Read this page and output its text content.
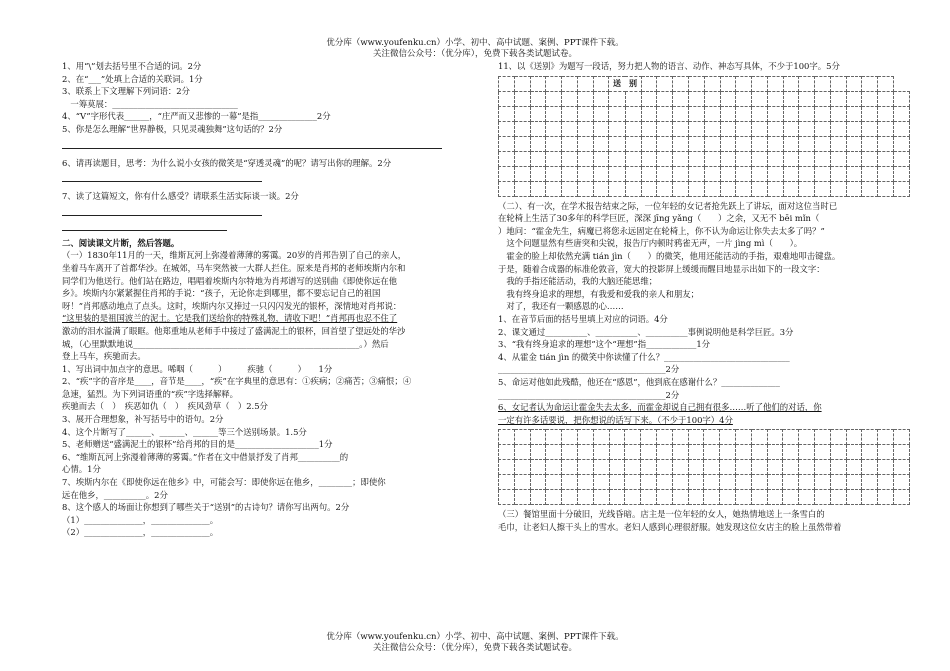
优分库（www.youfenku.cn）小学、初中、高中试题、案例、PPT课件下载。
关注微信公众号：（优分库），免费下载各类试题试卷。

1、用“\”划去括号里不合适的词。2分

2、在“___”处填上合适的关联词。1分

3、联系上下文理解下列词语：2分

　一筹莫展：______________________________

4、“V”字形代表______，“庄严而又悲惨的一幕”是指______________2分

5、你是怎么理解“世界静极，只见灵魂独舞”这句话的？2分

6、请再读题目，思考：为什么说小女孩的微笑是“穿透灵魂”的呢？请写出你的理解。2分

7、读了这篇短文，你有什么感受？请联系生活实际谈一谈。2分

二、阅读课文片断，然后答题。

（一）1830年11月的一天，维斯瓦河上弥漫着薄薄的雾霭。20岁的肖邦告别了自己的亲人，

坐着马车离开了首都华沙。在城郊，马车突然被一大群人拦住。原来是肖邦的老师埃斯内尔和

同学们为他送行。他们站在路边，唱唱着埃斯内尔特地为肖邦谱写的送别曲《即使你远在他

乡》。埃斯内尔紧紧握住肖邦的手说：“孩子，无论你走到哪里，都不要忘记自己的祖国

呀！”肖邦感动地点了点头。这时，埃斯内尔又捧过一只闪闪发光的银杯，深情地对肖邦说：

“这里装的是祖国波兰的泥土。它是我们送给你的特殊礼物，请收下吧！”肖邦再也忍不住了

激动的泪水溢满了眼眶。他郑重地从老师手中接过了盛满泥土的银杯，回首望了望远处的华沙

城，（心里默默地说______________________________________________________。）然后

登上马车，疾驰而去。

1、写出词中加点字的意思。唏咽（　　　）　　　疾驰（　　　）　　1分

2、“疾”字的音序是____，音节是____，“疾”在字典里的意思有：①疾病；②痛苦；③痛恨；④

急速，猛烈。为下列词语重的“疾”字选择解释。

疾驰而去（　）　疾恶如仇（　）　疾风劲草（　）2.5分

3、展开合理想象，补写括号中的语句。2分

4、这个片断写了______、______、______等三个送别场景。1.5分

5、老师赠送“盛满泥土的银杯”给肖邦的目的是____________________1分

6、“维斯瓦河上弥漫着薄薄的雾霭。”作者在文中借景抒发了肖邦__________的

心情。1分

7、埃斯内尔在《即使你远在他乡》中，可能会写：即使你远在他乡，________；即使你

远在他乡，__________。2分

8、这个感人的场面让你想到了哪些关于“送别”的古诗句？请你写出两句。2分

（1）______________，______________。

（2）______________，______________。

11、以《送别》为题写一段话，努力把人物的语言、动作、神态写具体，不少于100字。5分

							送　别																		

（二）、有一次，在学术报告结束之际，一位年轻的女记者抢先跃上了讲坛，面对这位当时已

在轮椅上生活了30多年的科学巨匠，深深 jīng yǎng（　　）之余，又无不 bēi mǐn（

）地问：“霍金先生，病魔已将您永远固定在轮椅上，你不认为命运让你失去太多了吗？”

　这个问题显然有些唐突和尖锐，报告厅内顿时鸦雀无声，一片 jìng mì（　　）。

　霍金的脸上却依然充满 tián jìn（　　）的微笑，他用还能活动的手指，艰难地叩击键盘。

于是，随着合成器的标准伦敦音，宽大的投影屏上缓缓而醒目地显示出如下的一段文字：

　我的手指还能活动，我的大脑还能思维；

　我有终身追求的理想，有我爱和爱我的亲人和朋友；

　对了，我还有一颗感恩的心……

1、在音节后面的括号里填上对应的词语。4分

2、课文通过__________、__________、__________事例说明他是科学巨匠。3分

3、“我有终身追求的理想”这个“理想”指____________1分

4、从霍金 tián jìn 的微笑中你读懂了什么？______________________________

________________________________________2分

5、命运对他如此残酷，他还在“感恩”，他到底在感谢什么？______________

________________________________________2分

6、女记者认为命运让霍金失去太多，而霍金却说自己拥有很多……听了他们的对话，你

一定有许多话要说，把你想说的话写下来。（不少于100字）4分

（三）餐馆里面十分破旧，光线昏暗。店主是一位年轻的女人，她热情地送上一条雪白的

毛巾，让老妇人擦干头上的雪水。老妇人感到心理很舒服。她发现这位女店主的脸上虽然带着

优分库（www.youfenku.cn）小学、初中、高中试题、案例、PPT课件下载。
关注微信公众号：（优分库），免费下载各类试题试卷。
